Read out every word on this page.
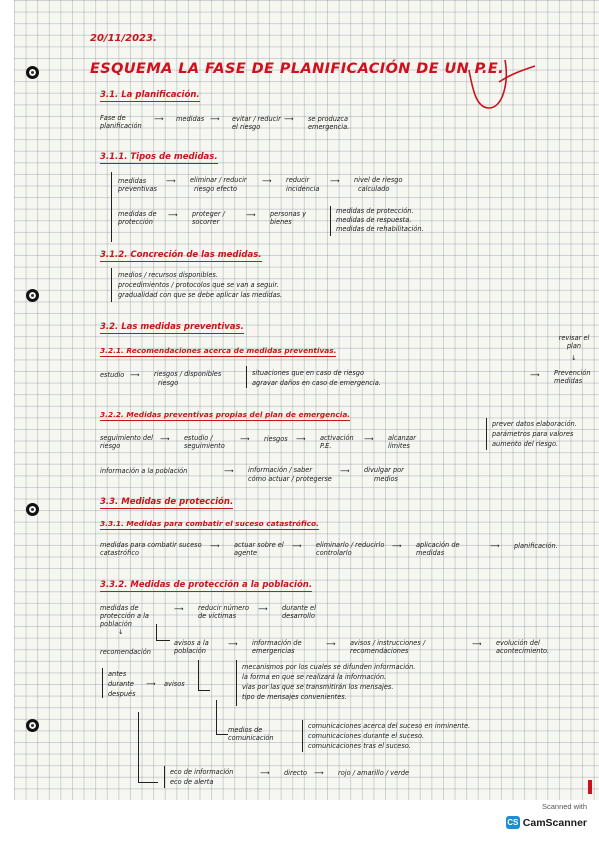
20/11/2023.
ESQUEMA LA FASE DE PLANIFICACIÓN DE UN P.E.
3.1. La planificación.
Fase de planificación
⟶ medidas ⟶ evitar / reducir el riesgo
⟶ se produzca emergencia.
3.1.1. Tipos de medidas.
medidas preventivas
⟶ eliminar / reducir
riesgo efecto
⟶ reducir
incidencia
⟶ nivel de riesgo
calculado
medidas de protección
⟶ proteger / socorrer
⟶ personas y bienes
medidas de protección.
medidas de respuesta.
medidas de rehabilitación.
3.1.2. Concreción de las medidas.
medios / recursos disponibles.
procedimientos / protocolos que se van a seguir.
gradualidad con que se debe aplicar las medidas.
3.2. Las medidas preventivas.
3.2.1. Recomendaciones acerca de medidas preventivas.
revisar el plan
↓
estudio ⟶ riesgos / disponibles
riesgo
situaciones que en caso de riesgo
agravar daños en caso de emergencia.
⟶ Prevención medidas
3.2.2. Medidas preventivas propias del plan de emergencia.
seguimiento del riesgo
⟶ estudio / seguimiento
⟶ riesgos ⟶ activación P.E.
⟶ alcanzar límites
prever datos elaboración.
parámetros para valores
aumento del riesgo.
información a la población	⟶ información / saber
cómo actuar / protegerse
⟶ divulgar por
medios
3.3. Medidas de protección.
3.3.1. Medidas para combatir el suceso catastrófico.
medidas para combatir suceso catastrófico
⟶ actuar sobre el agente
⟶ eliminarlo / reducirlo controlarlo
⟶ aplicación de medidas
⟶ planificación.
3.3.2. Medidas de protección a la población.
medidas de protección a la población
⟶ reducir número de víctimas
⟶ durante el desarrollo
↓
recomendación
avisos a la población
⟶ información de emergencias
⟶ avisos / instrucciones / recomendaciones
⟶ evolución del acontecimiento.
antes
durante
después
⟶ avisos
mecanismos por los cuales se difunden información.
la forma en que se realizará la información.
vías por las que se transmitirán los mensajes.
tipo de mensajes convenientes.
medios de comunicación
comunicaciones acerca del suceso en inminente.
comunicaciones durante el suceso.
comunicaciones tras el suceso.
eco de información
eco de alerta
⟶ directo ⟶ rojo / amarillo / verde
Scanned with
CS CamScanner
